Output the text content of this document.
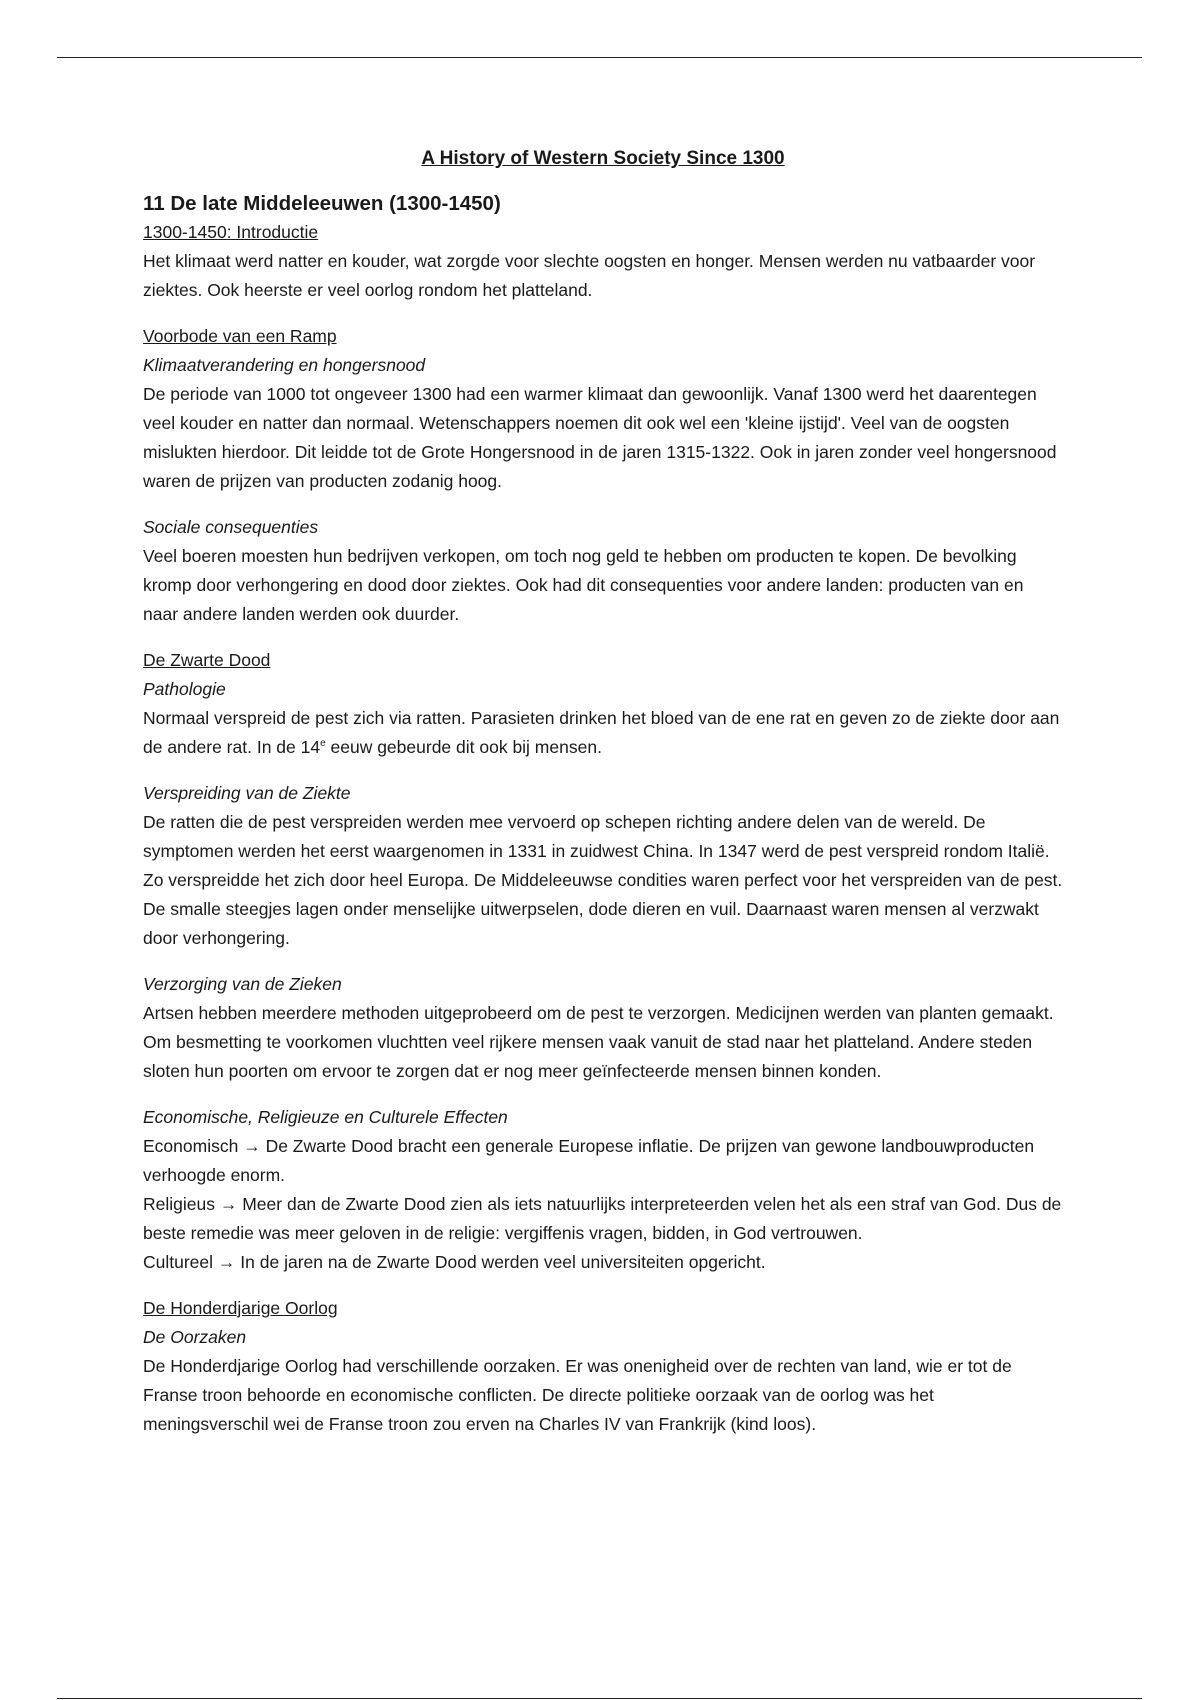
A History of Western Society Since 1300
11 De late Middeleeuwen (1300-1450)

1300-1450: Introductie

Het klimaat werd natter en kouder, wat zorgde voor slechte oogsten en honger. Mensen werden nu vatbaarder voor ziektes. Ook heerste er veel oorlog rondom het platteland.

Voorbode van een Ramp

Klimaatverandering en hongersnood

De periode van 1000 tot ongeveer 1300 had een warmer klimaat dan gewoonlijk. Vanaf 1300 werd het daarentegen veel kouder en natter dan normaal. Wetenschappers noemen dit ook wel een 'kleine ijstijd'. Veel van de oogsten mislukten hierdoor. Dit leidde tot de Grote Hongersnood in de jaren 1315-1322. Ook in jaren zonder veel hongersnood waren de prijzen van producten zodanig hoog.

Sociale consequenties

Veel boeren moesten hun bedrijven verkopen, om toch nog geld te hebben om producten te kopen. De bevolking kromp door verhongering en dood door ziektes. Ook had dit consequenties voor andere landen: producten van en naar andere landen werden ook duurder.

De Zwarte Dood

Pathologie

Normaal verspreid de pest zich via ratten. Parasieten drinken het bloed van de ene rat en geven zo de ziekte door aan de andere rat. In de 14e eeuw gebeurde dit ook bij mensen.

Verspreiding van de Ziekte

De ratten die de pest verspreiden werden mee vervoerd op schepen richting andere delen van de wereld. De symptomen werden het eerst waargenomen in 1331 in zuidwest China. In 1347 werd de pest verspreid rondom Italië. Zo verspreidde het zich door heel Europa. De Middeleeuwse condities waren perfect voor het verspreiden van de pest. De smalle steegjes lagen onder menselijke uitwerpselen, dode dieren en vuil. Daarnaast waren mensen al verzwakt door verhongering.

Verzorging van de Zieken

Artsen hebben meerdere methoden uitgeprobeerd om de pest te verzorgen. Medicijnen werden van planten gemaakt. Om besmetting te voorkomen vluchtten veel rijkere mensen vaak vanuit de stad naar het platteland. Andere steden sloten hun poorten om ervoor te zorgen dat er nog meer geïnfecteerde mensen binnen konden.

Economische, Religieuze en Culturele Effecten

Economisch → De Zwarte Dood bracht een generale Europese inflatie. De prijzen van gewone landbouwproducten verhoogde enorm.

Religieus → Meer dan de Zwarte Dood zien als iets natuurlijks interpreteerden velen het als een straf van God. Dus de beste remedie was meer geloven in de religie: vergiffenis vragen, bidden, in God vertrouwen.

Cultureel → In de jaren na de Zwarte Dood werden veel universiteiten opgericht.

De Honderdjarige Oorlog

De Oorzaken

De Honderdjarige Oorlog had verschillende oorzaken. Er was onenigheid over de rechten van land, wie er tot de Franse troon behoorde en economische conflicten. De directe politieke oorzaak van de oorlog was het meningsverschil wei de Franse troon zou erven na Charles IV van Frankrijk (kind loos).
